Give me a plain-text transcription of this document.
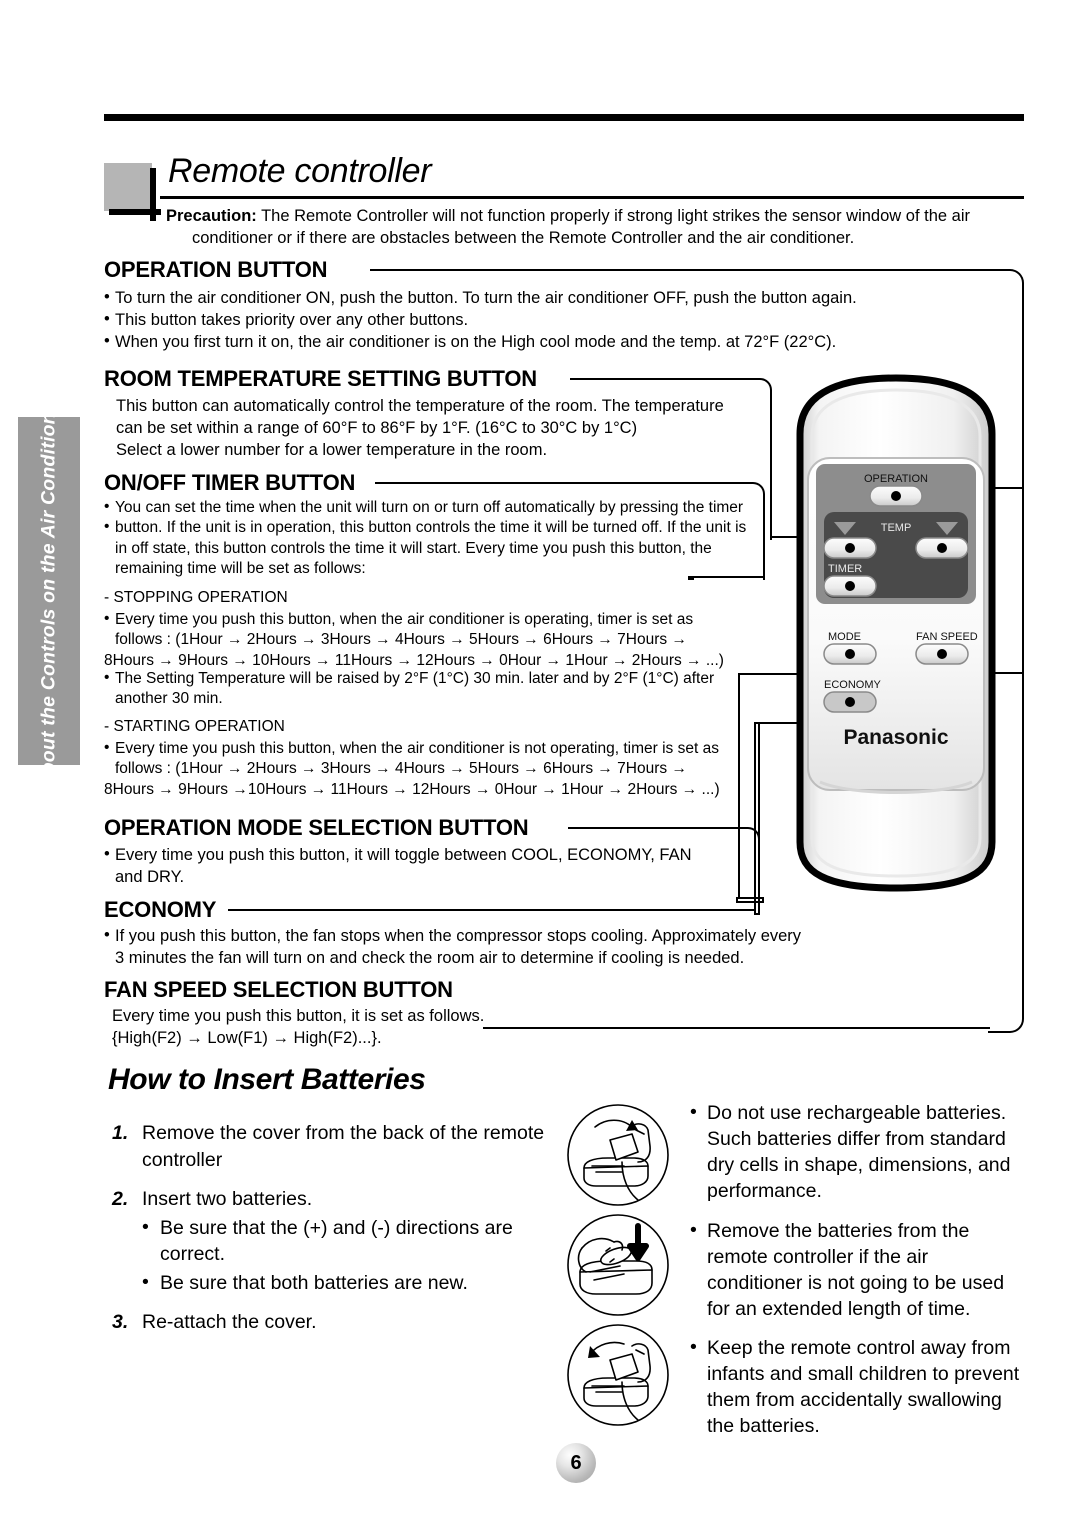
About the Controls on the Air Conditioner
Remote controller
Precaution: The Remote Controller will not function properly if strong light strikes the sensor window of the air
conditioner or if there are obstacles between the Remote Controller and the air conditioner.
OPERATION BUTTON
• To turn the air conditioner ON, push the button. To turn the air conditioner OFF, push the button again.
• This button takes priority over any other buttons.
• When you first turn it on, the air conditioner is on the High cool mode and the temp. at 72°F (22°C).
ROOM TEMPERATURE SETTING BUTTON
This button can automatically control the temperature of the room. The temperature
can be set within a range of 60°F to 86°F by 1°F. (16°C to 30°C by 1°C)
Select a lower number for a lower temperature in the room.
ON/OFF TIMER BUTTON
• You can set the time when the unit will turn on or turn off automatically by pressing the timer
• button. If the unit is in operation, this button controls the time it will be turned off. If the unit is
in off state, this button controls the time it will start. Every time you push this button, the
remaining time will be set as follows:
- STOPPING OPERATION
• Every time you push this button, when the air conditioner is operating, timer is set as
follows : (1Hour → 2Hours → 3Hours → 4Hours → 5Hours → 6Hours → 7Hours →
8Hours → 9Hours → 10Hours → 11Hours → 12Hours → 0Hour → 1Hour → 2Hours → ...)
• The Setting Temperature will be raised by 2°F (1°C) 30 min. later and by 2°F (1°C) after
another 30 min.
- STARTING OPERATION
• Every time you push this button, when the air conditioner is not operating, timer is set as
follows : (1Hour → 2Hours → 3Hours → 4Hours → 5Hours → 6Hours → 7Hours →
8Hours → 9Hours →10Hours → 11Hours → 12Hours → 0Hour → 1Hour → 2Hours → ...)
OPERATION MODE SELECTION BUTTON
• Every time you push this button, it will toggle between COOL, ECONOMY, FAN
and DRY.
ECONOMY
• If you push this button, the fan stops when the compressor stops cooling. Approximately every
3 minutes the fan will turn on and check the room air to determine if cooling is needed.
FAN SPEED SELECTION BUTTON
Every time you push this button, it is set as follows.
{High(F2) → Low(F1) → High(F2)...}.
OPERATION
TEMP
TIMER
MODE	FAN SPEED
ECONOMY
Panasonic
How to Insert Batteries
1. Remove the cover from the back of the remote controller
2. Insert two batteries.
• Be sure that the (+) and (-) directions are correct.
• Be sure that both batteries are new.
3. Re-attach the cover.
• Do not use rechargeable batteries. Such batteries differ from standard dry cells in shape, dimensions, and performance.
• Remove the batteries from the remote controller if the air conditioner is not going to be used for an extended length of time.
• Keep the remote control away from infants and small children to prevent them from accidentally swallowing the batteries.
6
